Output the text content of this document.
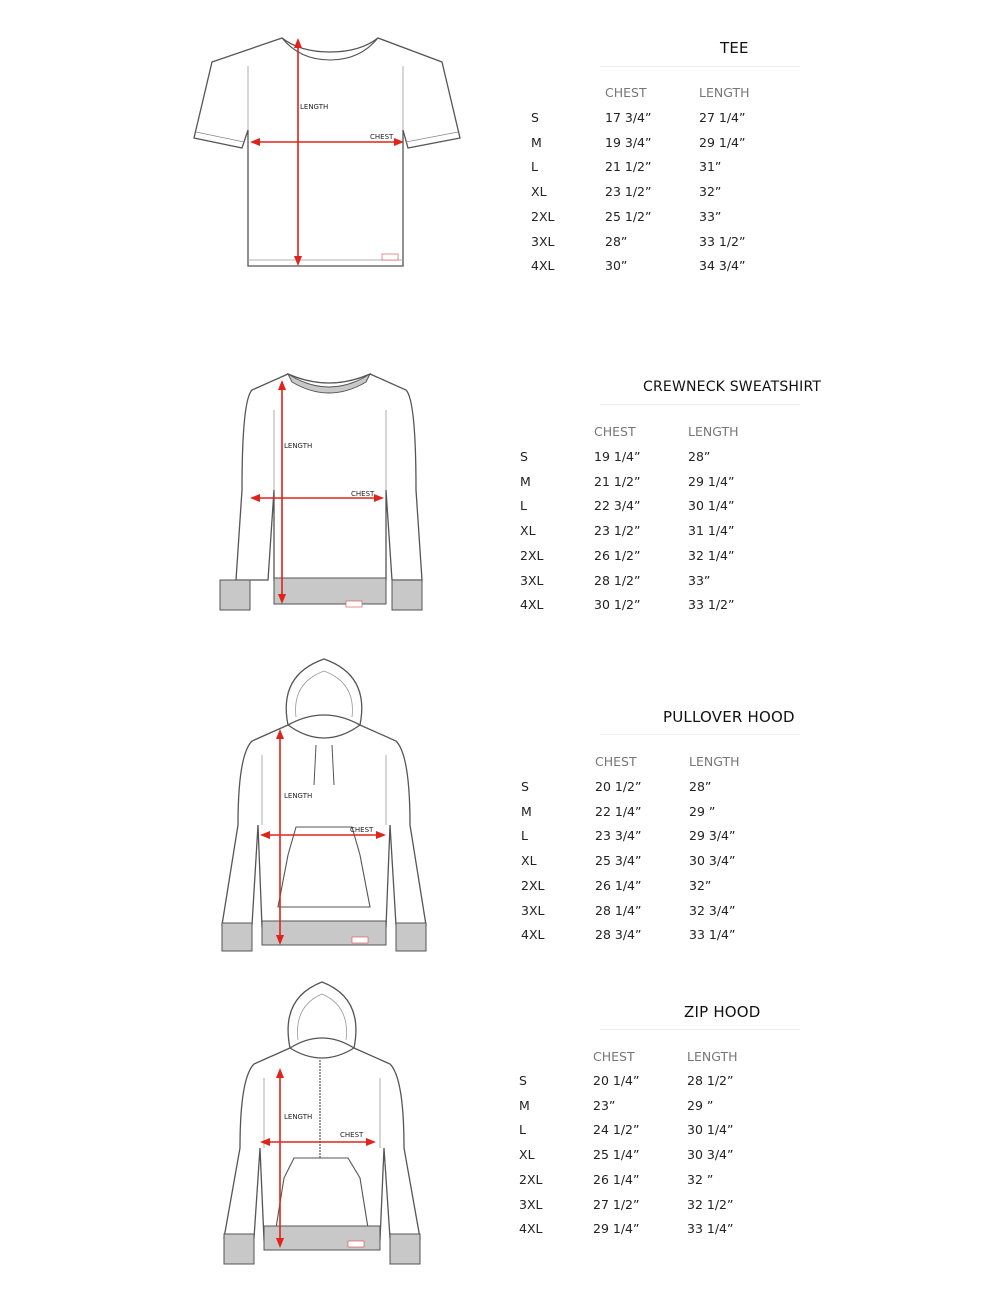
LENGTH
CHEST
TEE
CHEST	LENGTH
S	17 3/4”	27 1/4”
M	19 3/4”	29 1/4”
L	21 1/2”	31”
XL	23 1/2”	32”
2XL	25 1/2”	33”
3XL	28”	33 1/2”
4XL	30”	34 3/4”
LENGTH
CHEST
CREWNECK SWEATSHIRT
CHEST	LENGTH
S	19 1/4”	28”
M	21 1/2”	29 1/4”
L	22 3/4”	30 1/4”
XL	23 1/2”	31 1/4”
2XL	26 1/2”	32 1/4”
3XL	28 1/2”	33”
4XL	30 1/2”	33 1/2”
LENGTH
CHEST
PULLOVER HOOD
CHEST	LENGTH
S	20 1/2”	28”
M	22 1/4”	29 ”
L	23 3/4”	29 3/4”
XL	25 3/4”	30 3/4”
2XL	26 1/4”	32”
3XL	28 1/4”	32 3/4”
4XL	28 3/4”	33 1/4”
LENGTH
CHEST
ZIP HOOD
CHEST	LENGTH
S	20 1/4”	28 1/2”
M	23”	29 ”
L	24 1/2”	30 1/4”
XL	25 1/4”	30 3/4”
2XL	26 1/4”	32 ”
3XL	27 1/2”	32 1/2”
4XL	29 1/4”	33 1/4”
